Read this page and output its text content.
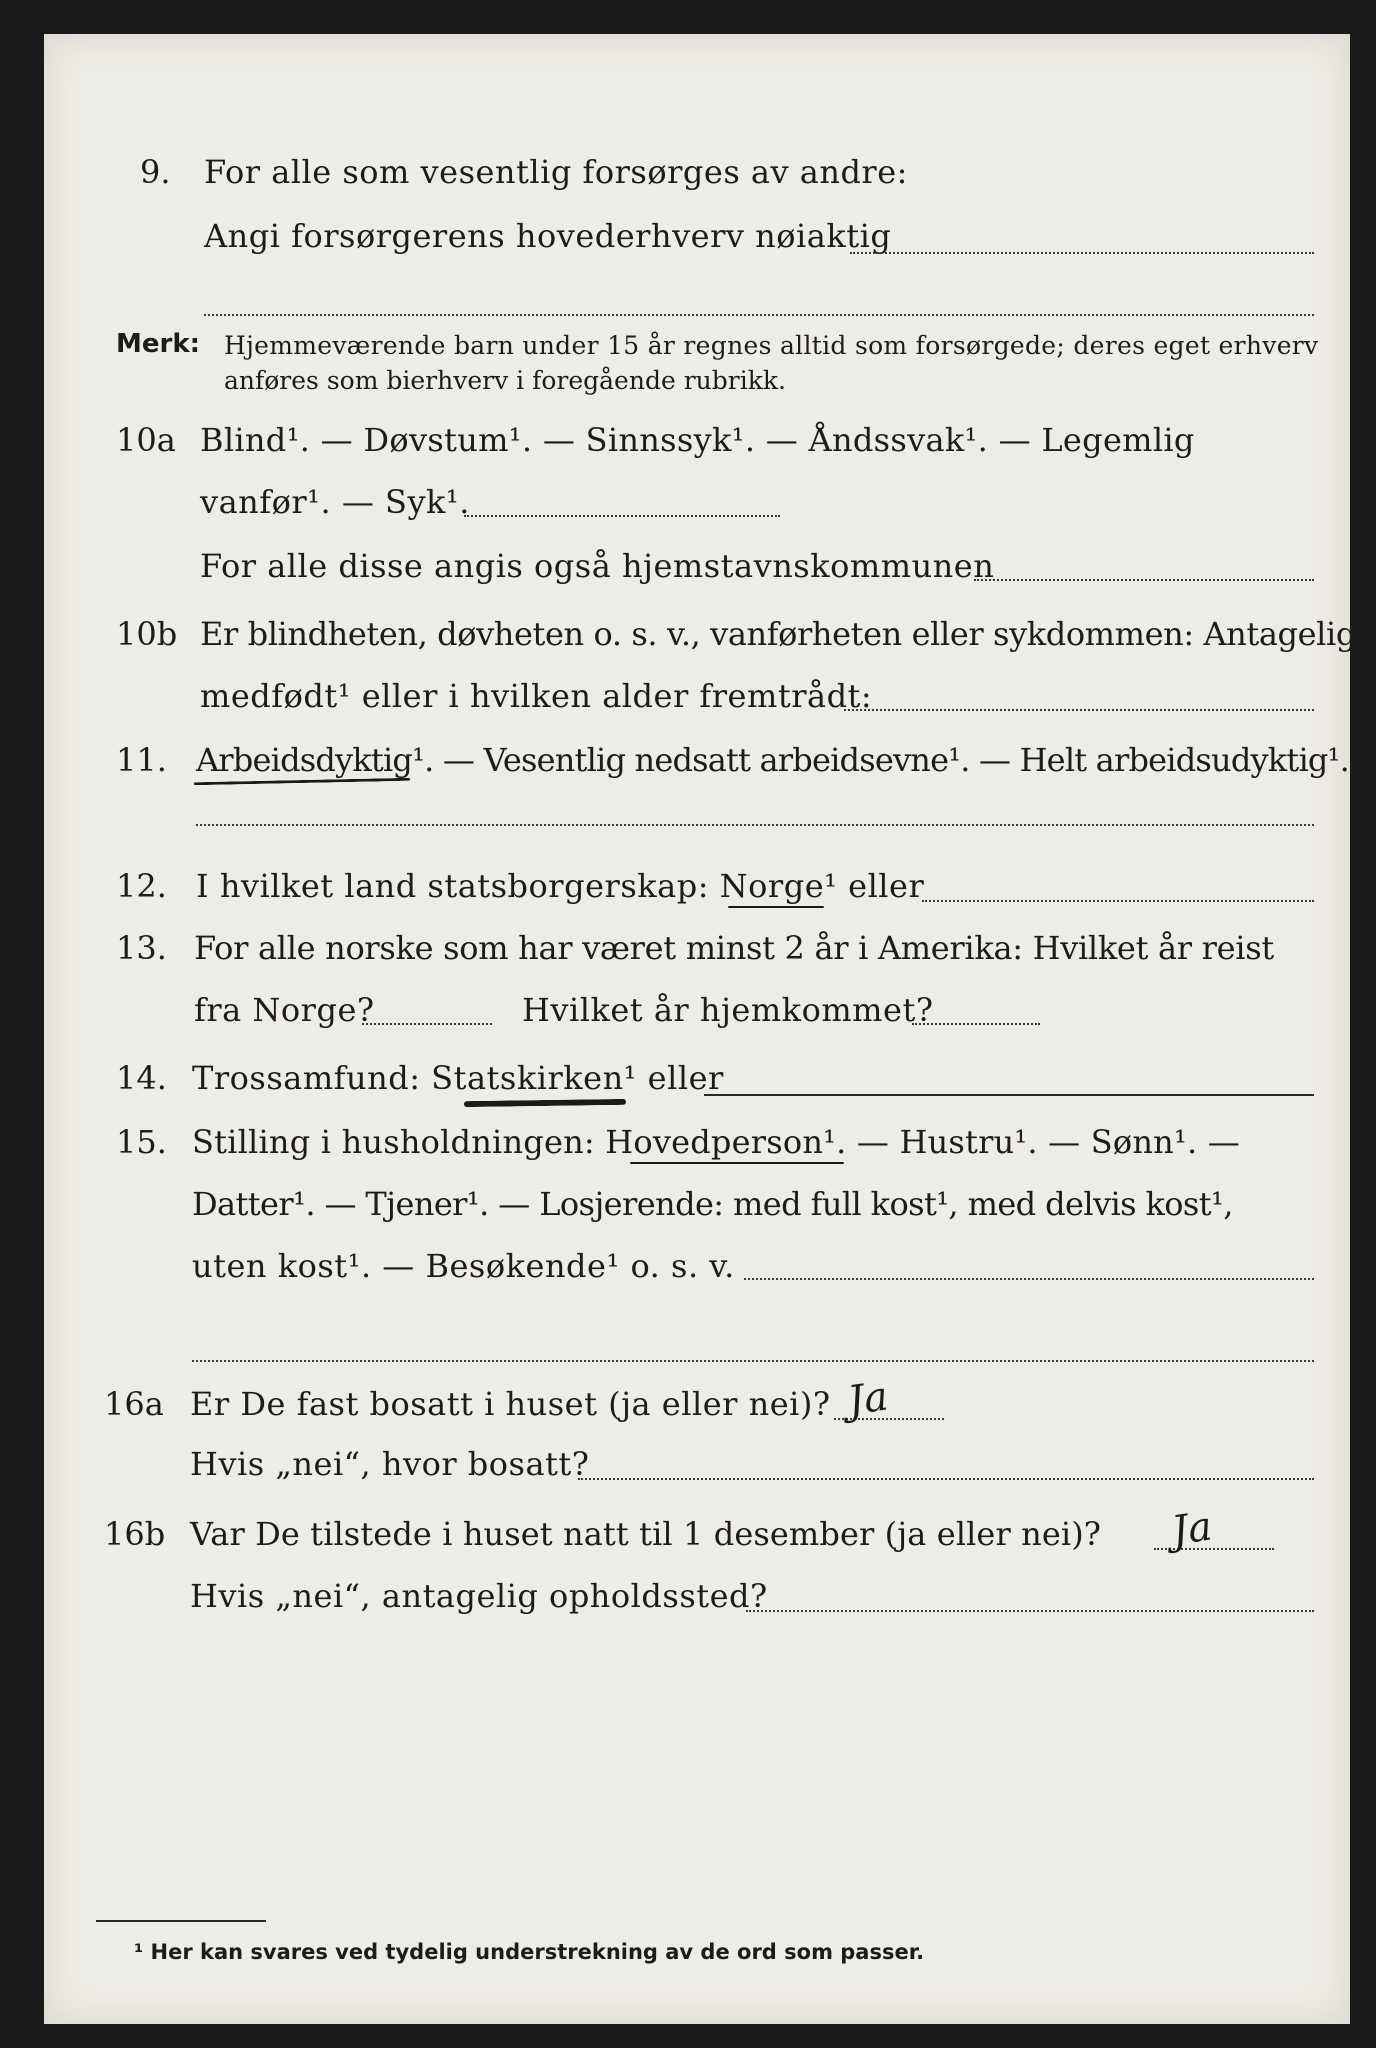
9. For alle som vesentlig forsørges av andre:
Angi forsørgerens hovederhverv nøiaktig
Merk: Hjemmeværende barn under 15 år regnes alltid som forsørgede; deres eget erhverv
anføres som bierhverv i foregående rubrikk.
10a Blind¹. — Døvstum¹. — Sinnssyk¹. — Åndssvak¹. — Legemlig
vanfør¹. — Syk¹.
For alle disse angis også hjemstavnskommunen
10b Er blindheten, døvheten o. s. v., vanførheten eller sykdommen: Antagelig
medfødt¹ eller i hvilken alder fremtrådt:
11. Arbeidsdyktig¹. — Vesentlig nedsatt arbeidsevne¹. — Helt arbeidsudyktig¹.
12. I hvilket land statsborgerskap: Norge¹ eller
13. For alle norske som har været minst 2 år i Amerika: Hvilket år reist
fra Norge?	Hvilket år hjemkommet?
14. Trossamfund: Statskirken¹ eller
15. Stilling i husholdningen: Hovedperson¹. — Hustru¹. — Sønn¹. —
Datter¹. — Tjener¹. — Losjerende: med full kost¹, med delvis kost¹,
uten kost¹. — Besøkende¹ o. s. v.
16a Er De fast bosatt i huset (ja eller nei)? Ja
Hvis „nei“, hvor bosatt?
16b Var De tilstede i huset natt til 1 desember (ja eller nei)? Ja
Hvis „nei“, antagelig opholdssted?
¹ Her kan svares ved tydelig understrekning av de ord som passer.
